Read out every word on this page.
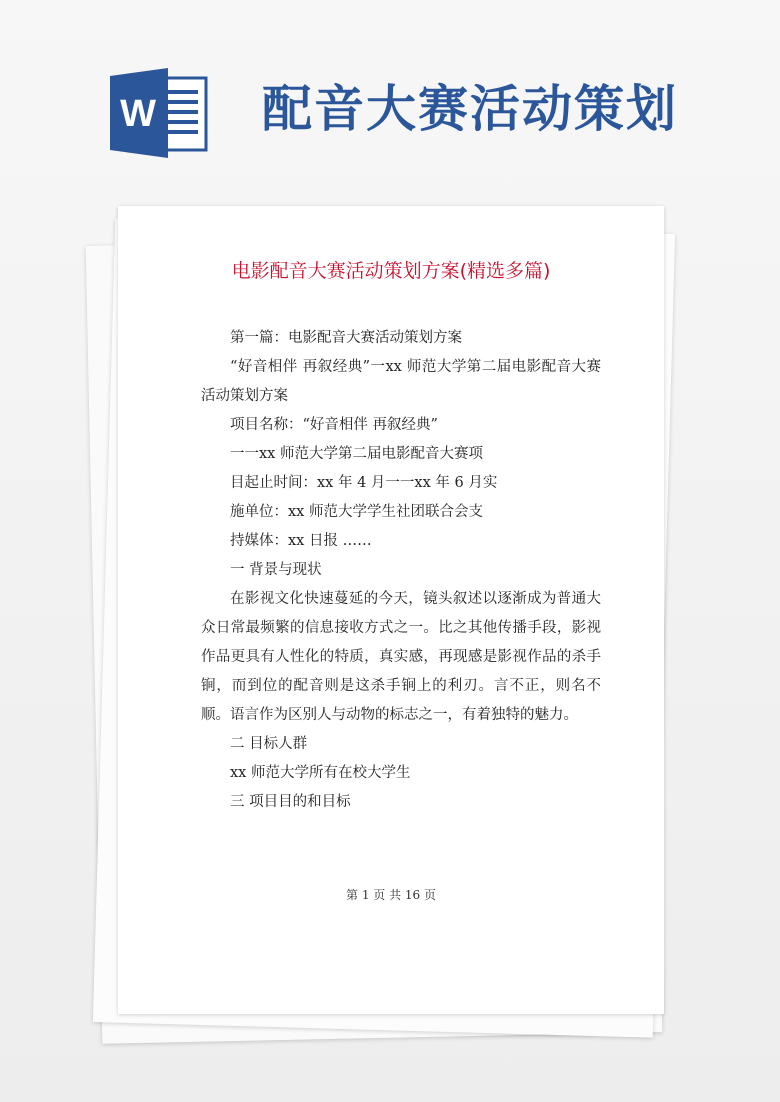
W 配音大赛活动策划
电影配音大赛活动策划方案(精选多篇)

第一篇：电影配音大赛活动策划方案

“好音相伴 再叙经典”一xx 师范大学第二届电影配音大赛活动策划方案

项目名称：“好音相伴 再叙经典”

一一xx 师范大学第二届电影配音大赛项

目起止时间：xx 年 4 月一一xx 年 6 月实

施单位：xx 师范大学学生社团联合会支

持媒体：xx 日报 ……

一 背景与现状

在影视文化快速蔓延的今天，镜头叙述以逐渐成为普通大众日常最频繁的信息接收方式之一。比之其他传播手段，影视作品更具有人性化的特质，真实感，再现感是影视作品的杀手锏，而到位的配音则是这杀手锏上的利刃。言不正，则名不顺。语言作为区别人与动物的标志之一，有着独特的魅力。

二 目标人群

xx 师范大学所有在校大学生

三 项目目的和目标

第 1 页 共 16 页
